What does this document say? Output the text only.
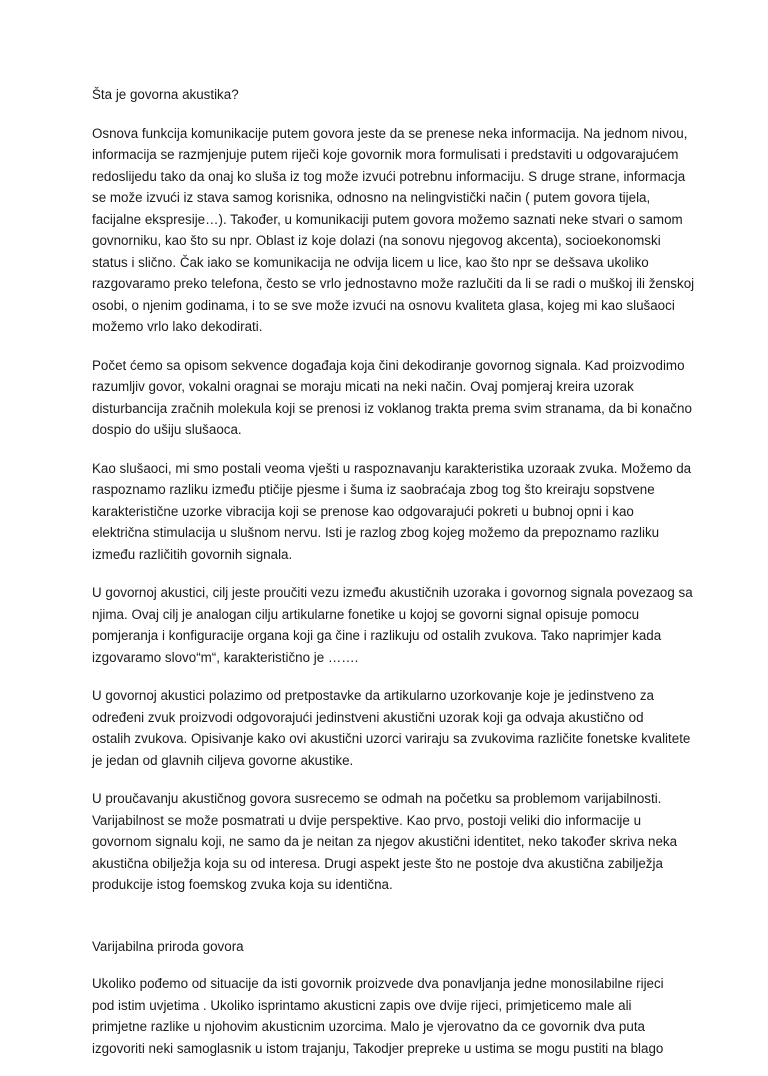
Šta je govorna akustika?

Osnova funkcija komunikacije putem govora jeste da se prenese neka informacija. Na jednom nivou,
informacija se razmjenjuje putem riječi koje govornik mora formulisati i predstaviti u odgovarajućem
redoslijedu tako da onaj ko sluša iz tog može izvući potrebnu informaciju. S druge strane, informacja
se može izvući iz stava samog korisnika, odnosno na nelingvistički način ( putem govora tijela,
facijalne ekspresije…). Također, u komunikaciji putem govora možemo saznati neke stvari o samom
govnorniku, kao što su npr. Oblast iz koje dolazi (na sonovu njegovog akcenta), socioekonomski
status i slično. Čak iako se komunikacija ne odvija licem u lice, kao što npr se dešsava ukoliko
razgovaramo preko telefona, često se vrlo jednostavno može razlučiti da li se radi o muškoj ili ženskoj
osobi, o njenim godinama, i to se sve može izvući na osnovu kvaliteta glasa, kojeg mi kao slušaoci
možemo vrlo lako dekodirati.

Počet ćemo sa opisom sekvence događaja koja čini dekodiranje govornog signala. Kad proizvodimo
razumljiv govor, vokalni oragnai se moraju micati na neki način. Ovaj pomjeraj kreira uzorak
disturbancija zračnih molekula koji se prenosi iz voklanog trakta prema svim stranama, da bi konačno
dospio do ušiju slušaoca.

Kao slušaoci, mi smo postali veoma vješti u raspoznavanju karakteristika uzoraak zvuka. Možemo da
raspoznamo razliku između ptičije pjesme i šuma iz saobraćaja zbog tog što kreiraju sopstvene
karakteristične uzorke vibracija koji se prenose kao odgovarajući pokreti u bubnoj opni i kao
električna stimulacija u slušnom nervu. Isti je razlog zbog kojeg možemo da prepoznamo razliku
između različitih govornih signala.

U govornoj akustici, cilj jeste proučiti vezu između akustičnih uzoraka i govornog signala povezaog sa
njima. Ovaj cilj je analogan cilju artikularne fonetike u kojoj se govorni signal opisuje pomocu
pomjeranja i konfiguracije organa koji ga čine i razlikuju od ostalih zvukova. Tako naprimjer kada
izgovaramo slovo“m“, karakteristično je …….

U govornoj akustici polazimo od pretpostavke da artikularno uzorkovanje koje je jedinstveno za
određeni zvuk proizvodi odgovorajući jedinstveni akustični uzorak koji ga odvaja akustično od
ostalih zvukova. Opisivanje kako ovi akustični uzorci variraju sa zvukovima različite fonetske kvalitete
je jedan od glavnih ciljeva govorne akustike.

U proučavanju akustičnog govora susrecemo se odmah na početku sa problemom varijabilnosti.
Varijabilnost se može posmatrati u dvije perspektive. Kao prvo, postoji veliki dio informacije u
govornom signalu koji, ne samo da je neitan za njegov akustični identitet, neko također skriva neka
akustična obilježja koja su od interesa. Drugi aspekt jeste što ne postoje dva akustična zabilježja
produkcije istog foemskog zvuka koja su identična.

Varijabilna priroda govora

Ukoliko pođemo od situacije da isti govornik proizvede dva ponavljanja jedne monosilabilne rijeci
pod istim uvjetima . Ukoliko isprintamo akusticni zapis ove dvije rijeci, primjeticemo male ali
primjetne razlike u njohovim akusticnim uzorcima. Malo je vjerovatno da ce govornik dva puta
izgovoriti neki samoglasnik u istom trajanju, Takodjer prepreke u ustima se mogu pustiti na blago
